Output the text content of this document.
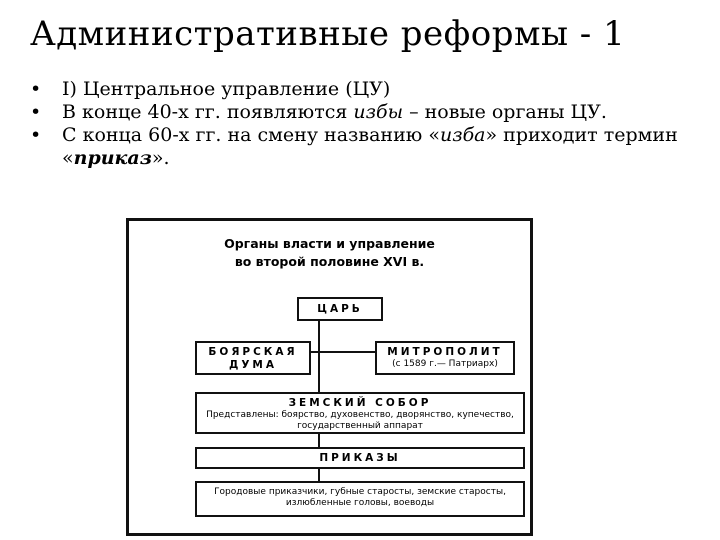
Административные реформы - 1
• I) Центральное управление (ЦУ)
• В конце 40-х гг. появляются избы – новые органы ЦУ.
• С конца 60-х гг. на смену названию «изба» приходит термин «приказ».
Органы власти и управление
во второй половине XVI в.
ЦАРЬ
БОЯРСКАЯ
ДУМА
МИТРОПОЛИТ
(с 1589 г.— Патриарх)
ЗЕМСКИЙ СОБОР
Представлены: боярство, духовенство, дворянство, купечество,
государственный аппарат
ПРИКАЗЫ
Городовые приказчики, губные старосты, земские старосты,
излюбленные головы, воеводы
